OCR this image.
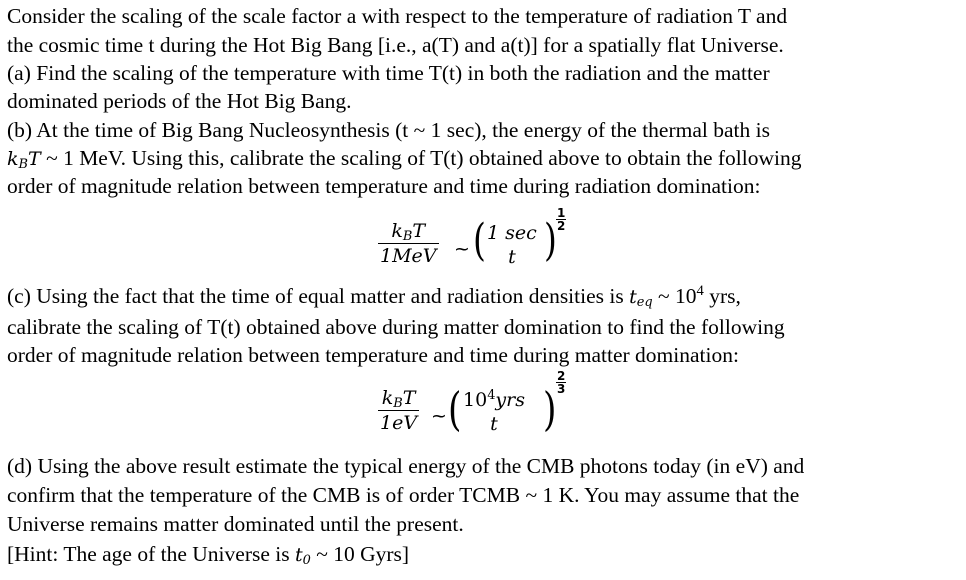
Consider the scaling of the scale factor a with respect to the temperature of radiation T and
the cosmic time t during the Hot Big Bang [i.e., a(T) and a(t)] for a spatially flat Universe.
(a) Find the scaling of the temperature with time T(t) in both the radiation and the matter
dominated periods of the Hot Big Bang.
(b) At the time of Big Bang Nucleosynthesis (t ~ 1 sec), the energy of the thermal bath is
$k_BT$ ~ 1 MeV. Using this, calibrate the scaling of T(t) obtained above to obtain the following
order of magnitude relation between temperature and time during radiation domination:
$k_BT$
1MeV ~ ( 1 sec
t )
1
2
(c) Using the fact that the time of equal matter and radiation densities is $t_{eq}$ ~ $10^4$ yrs,
calibrate the scaling of T(t) obtained above during matter domination to find the following
order of magnitude relation between temperature and time during matter domination:
$k_BT$
1eV ~ ( $10^4yrs$
t )
2
3
(d) Using the above result estimate the typical energy of the CMB photons today (in eV) and
confirm that the temperature of the CMB is of order TCMB ~ 1 K. You may assume that the
Universe remains matter dominated until the present.
[Hint: The age of the Universe is $t_0$ ~ 10 Gyrs]
